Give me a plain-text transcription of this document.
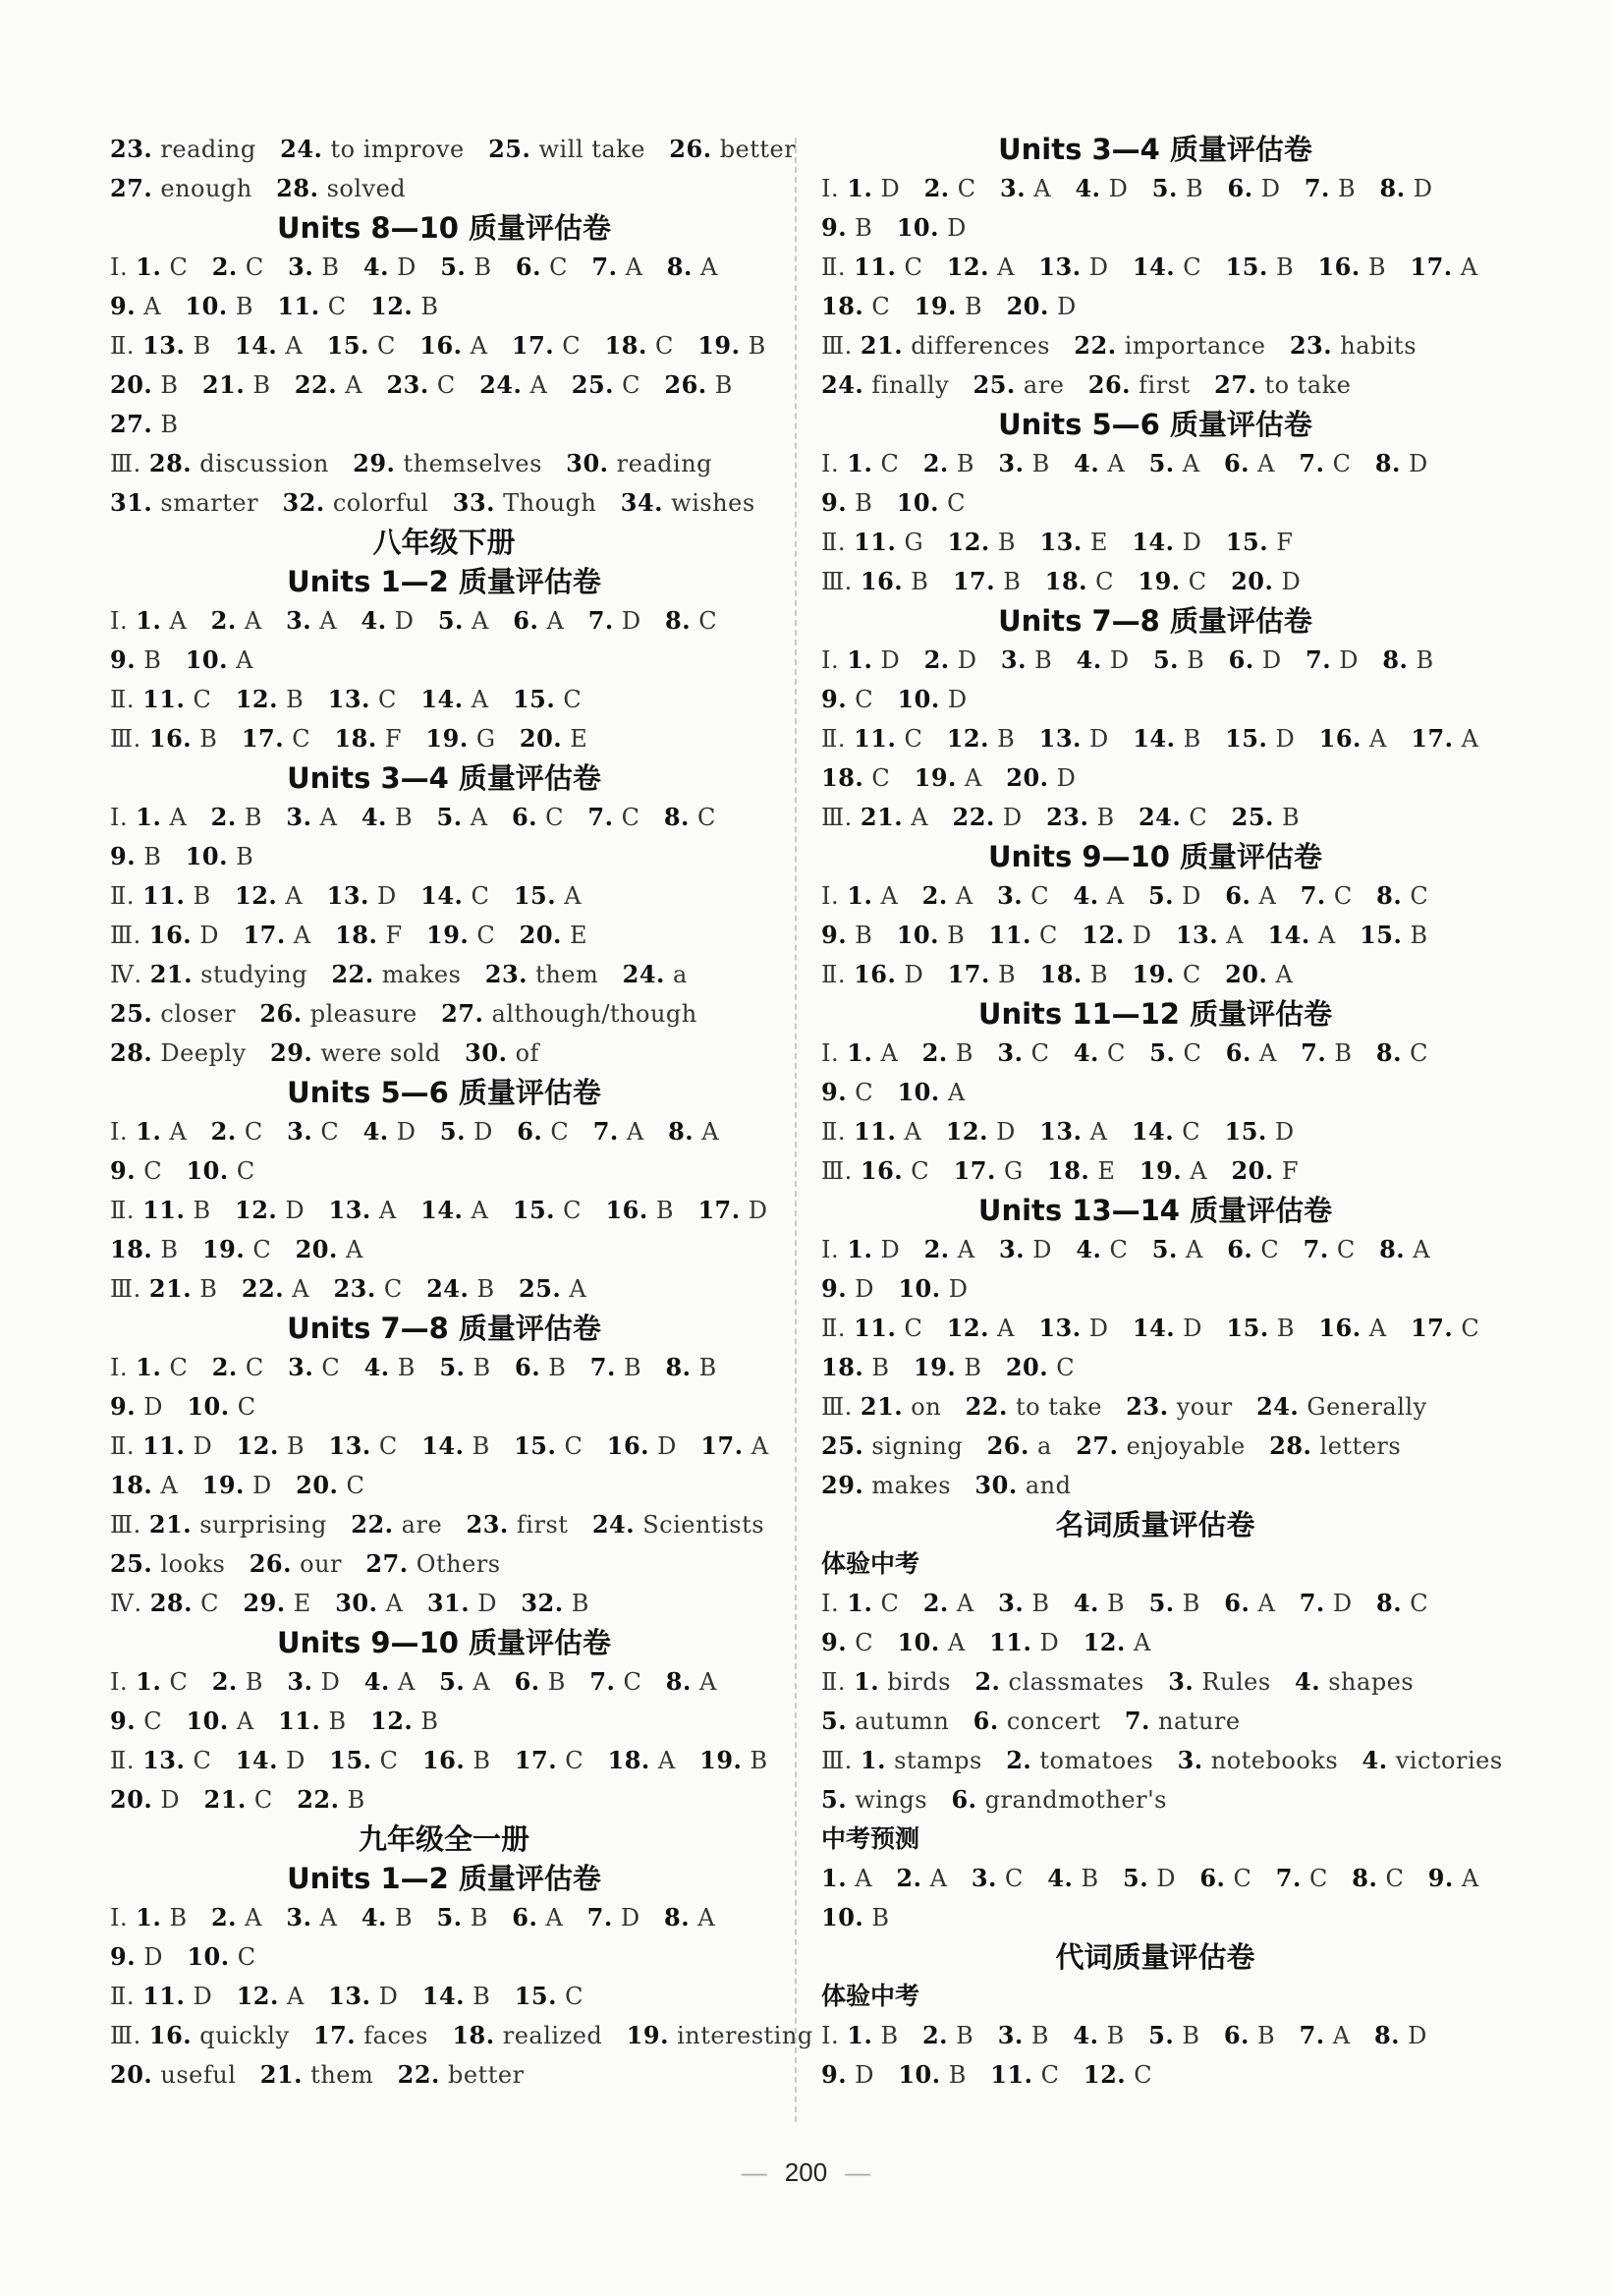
23. reading   24. to improve   25. will take   26. better
27. enough   28. solved
Units 8—10 质量评估卷
Ⅰ. 1. C   2. C   3. B   4. D   5. B   6. C   7. A   8. A
9. A   10. B   11. C   12. B
Ⅱ. 13. B   14. A   15. C   16. A   17. C   18. C   19. B
20. B   21. B   22. A   23. C   24. A   25. C   26. B
27. B
Ⅲ. 28. discussion   29. themselves   30. reading
31. smarter   32. colorful   33. Though   34. wishes
八年级下册
Units 1—2 质量评估卷
Ⅰ. 1. A   2. A   3. A   4. D   5. A   6. A   7. D   8. C
9. B   10. A
Ⅱ. 11. C   12. B   13. C   14. A   15. C
Ⅲ. 16. B   17. C   18. F   19. G   20. E
Units 3—4 质量评估卷
Ⅰ. 1. A   2. B   3. A   4. B   5. A   6. C   7. C   8. C
9. B   10. B
Ⅱ. 11. B   12. A   13. D   14. C   15. A
Ⅲ. 16. D   17. A   18. F   19. C   20. E
Ⅳ. 21. studying   22. makes   23. them   24. a
25. closer   26. pleasure   27. although/though
28. Deeply   29. were sold   30. of
Units 5—6 质量评估卷
Ⅰ. 1. A   2. C   3. C   4. D   5. D   6. C   7. A   8. A
9. C   10. C
Ⅱ. 11. B   12. D   13. A   14. A   15. C   16. B   17. D
18. B   19. C   20. A
Ⅲ. 21. B   22. A   23. C   24. B   25. A
Units 7—8 质量评估卷
Ⅰ. 1. C   2. C   3. C   4. B   5. B   6. B   7. B   8. B
9. D   10. C
Ⅱ. 11. D   12. B   13. C   14. B   15. C   16. D   17. A
18. A   19. D   20. C
Ⅲ. 21. surprising   22. are   23. first   24. Scientists
25. looks   26. our   27. Others
Ⅳ. 28. C   29. E   30. A   31. D   32. B
Units 9—10 质量评估卷
Ⅰ. 1. C   2. B   3. D   4. A   5. A   6. B   7. C   8. A
9. C   10. A   11. B   12. B
Ⅱ. 13. C   14. D   15. C   16. B   17. C   18. A   19. B
20. D   21. C   22. B
九年级全一册
Units 1—2 质量评估卷
Ⅰ. 1. B   2. A   3. A   4. B   5. B   6. A   7. D   8. A
9. D   10. C
Ⅱ. 11. D   12. A   13. D   14. B   15. C
Ⅲ. 16. quickly   17. faces   18. realized   19. interesting
20. useful   21. them   22. better
Units 3—4 质量评估卷
Ⅰ. 1. D   2. C   3. A   4. D   5. B   6. D   7. B   8. D
9. B   10. D
Ⅱ. 11. C   12. A   13. D   14. C   15. B   16. B   17. A
18. C   19. B   20. D
Ⅲ. 21. differences   22. importance   23. habits
24. finally   25. are   26. first   27. to take
Units 5—6 质量评估卷
Ⅰ. 1. C   2. B   3. B   4. A   5. A   6. A   7. C   8. D
9. B   10. C
Ⅱ. 11. G   12. B   13. E   14. D   15. F
Ⅲ. 16. B   17. B   18. C   19. C   20. D
Units 7—8 质量评估卷
Ⅰ. 1. D   2. D   3. B   4. D   5. B   6. D   7. D   8. B
9. C   10. D
Ⅱ. 11. C   12. B   13. D   14. B   15. D   16. A   17. A
18. C   19. A   20. D
Ⅲ. 21. A   22. D   23. B   24. C   25. B
Units 9—10 质量评估卷
Ⅰ. 1. A   2. A   3. C   4. A   5. D   6. A   7. C   8. C
9. B   10. B   11. C   12. D   13. A   14. A   15. B
Ⅱ. 16. D   17. B   18. B   19. C   20. A
Units 11—12 质量评估卷
Ⅰ. 1. A   2. B   3. C   4. C   5. C   6. A   7. B   8. C
9. C   10. A
Ⅱ. 11. A   12. D   13. A   14. C   15. D
Ⅲ. 16. C   17. G   18. E   19. A   20. F
Units 13—14 质量评估卷
Ⅰ. 1. D   2. A   3. D   4. C   5. A   6. C   7. C   8. A
9. D   10. D
Ⅱ. 11. C   12. A   13. D   14. D   15. B   16. A   17. C
18. B   19. B   20. C
Ⅲ. 21. on   22. to take   23. your   24. Generally
25. signing   26. a   27. enjoyable   28. letters
29. makes   30. and
名词质量评估卷
体验中考
Ⅰ. 1. C   2. A   3. B   4. B   5. B   6. A   7. D   8. C
9. C   10. A   11. D   12. A
Ⅱ. 1. birds   2. classmates   3. Rules   4. shapes
5. autumn   6. concert   7. nature
Ⅲ. 1. stamps   2. tomatoes   3. notebooks   4. victories
5. wings   6. grandmother's
中考预测
1. A   2. A   3. C   4. B   5. D   6. C   7. C   8. C   9. A
10. B
代词质量评估卷
体验中考
Ⅰ. 1. B   2. B   3. B   4. B   5. B   6. B   7. A   8. D
9. D   10. B   11. C   12. C
— 200 —
